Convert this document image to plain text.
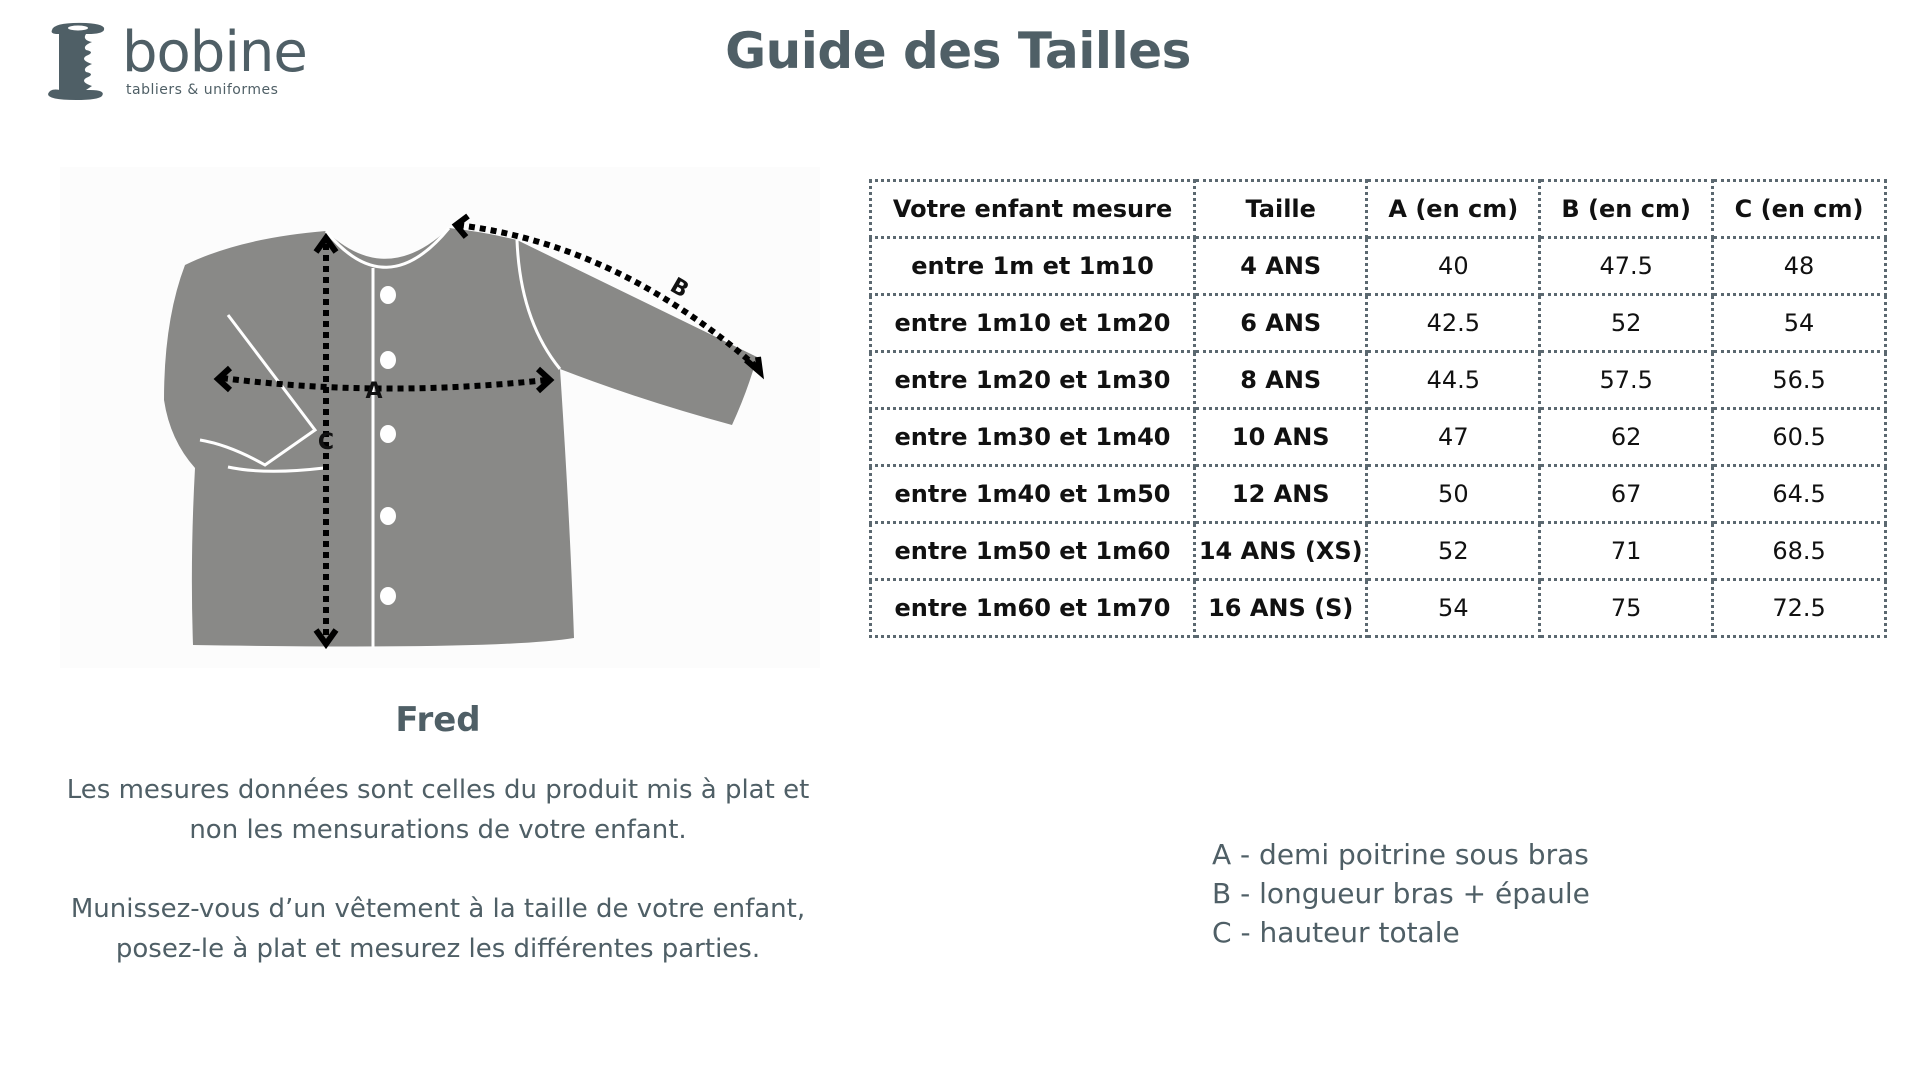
bobine
tabliers & uniformes
Guide des Tailles
A
C
B
Fred
Les mesures données sont celles du produit mis à plat et
non les mensurations de votre enfant.
Munissez-vous d’un vêtement à la taille de votre enfant,
posez-le à plat et mesurez les différentes parties.
Votre enfant mesure	Taille	A (en cm)	B (en cm)	C (en cm)
entre 1m et 1m10	4 ANS	40	47.5	48
entre 1m10 et 1m20	6 ANS	42.5	52	54
entre 1m20 et 1m30	8 ANS	44.5	57.5	56.5
entre 1m30 et 1m40	10 ANS	47	62	60.5
entre 1m40 et 1m50	12 ANS	50	67	64.5
entre 1m50 et 1m60	14 ANS (XS)	52	71	68.5
entre 1m60 et 1m70	16 ANS (S)	54	75	72.5
A - demi poitrine sous bras
B - longueur bras + épaule
C - hauteur totale
